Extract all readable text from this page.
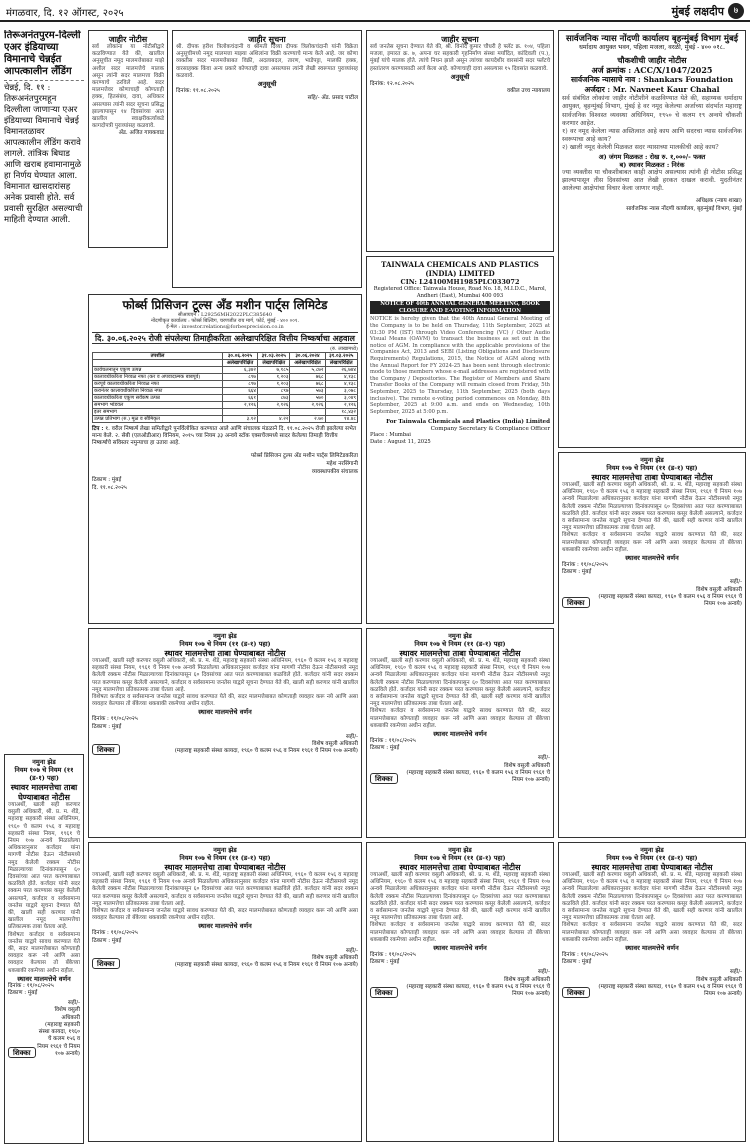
मंगळवार, दि. १२ ऑगस्ट, २०२५	मुंबई लक्षदीप	७
तिरूअनंतपुरम-दिल्ली एअर इंडियाच्या विमानाचे चेन्नईत आपत्कालीन लँडिंग
चेन्नई, दि. ११ : तिरूअनंतपुरमहून दिल्लीला जाणाऱ्या एअर इंडियाच्या विमानाचे चेन्नई विमानतळावर आपत्कालीन लँडिंग करावे लागले. तांत्रिक बिघाड आणि खराब हवामानामुळे हा निर्णय घेण्यात आला. विमानात खासदारांसह अनेक प्रवासी होते. सर्व प्रवासी सुरक्षित असल्याची माहिती देण्यात आली.
जाहीर नोटीस
सर्व लोकांना या नोटीसीद्वारे कळविण्यात येते की, खालील अनुसूचीत नमूद मालमत्तेबाबत माझे अशील सदर मालमत्तेचे मालक असून त्यांनी सदर मालमत्ता विक्री करण्याचे ठरविले आहे. सदर मालमत्तेवर कोणाचाही कोणताही हक्क, हितसंबंध, दावा, अधिकार असल्यास त्यांनी सदर सूचना प्रसिद्ध झाल्यापासून १४ दिवसांच्या आत खालील स्वाक्षरीकर्त्याकडे कागदोपत्री पुराव्यांसह कळवावे.
ॲड. अजित गायकवाड
जाहीर सूचना
श्री. दीपक हरीश त्रिलोकचंदानी व श्रीमती दिव्या दीपक त्रिलोकचंदानी यांनी विक्रेता अनुसूचीमध्ये नमूद मालमत्ता माझ्या अशिलांना विक्री करण्याचे मान्य केले आहे. जर कोणा व्यक्तीस सदर मालमत्तेबाबत विक्री, अदलाबदल, तारण, भाडेपट्टा, मालकी हक्क, वारसाहक्क किंवा अन्य प्रकारे कोणताही दावा असल्यास त्यांनी लेखी स्वरूपात पुराव्यांसह कळवावे.
अनुसूची
दिनांक: ११.०८.२०२५
सहि/- ॲड. प्रसाद पाटील
फोर्ब्स प्रिसिजन टूल्स अँड मशीन पार्ट्स लिमिटेड
सीआयएन : L29256MH2022PLC385640
नोंदणीकृत कार्यालय : फोर्ब्स बिल्डिंग, चरणजीत राय मार्ग, फोर्ट, मुंबई - ४०० ००१.
ई-मेल : investor.relations@forbesprecision.co.in
दि. ३०.०६.२०२५ रोजी संपलेल्या तिमाहीकरिता अलेखापरिक्षित वित्तीय निष्कर्षाचा अहवाल
(रु. लाखामध्ये)
तपशील	३०.०६.२०२५	३१.०३.२०२५	३०.०६.२०२४	३१.०३.२०२५
	अलेखापरिक्षित	लेखापरिक्षित	अलेखापरिक्षित	लेखापरिक्षित
कार्यचलनातून एकूण उत्पन्न	६,३४२	७,१८५	५,८७२	२६,७४४
कालावधीकरिता निव्वळ नफा (कर व अपवादात्मक बाबपूर्व)	८९७	१,२०३	७६८	४,१३८
करपूर्व कालावधीकरिता निव्वळ नफा	८९७	१,२०३	७६८	४,१३८
करानंतर कालावधीकरिता निव्वळ नफा	६६४	८९७	५७३	३,०७८
कालावधीकरिता एकूण सर्वंकष उत्पन्न	६६१	८७३	५७०	३,०४९
समभाग भांडवल	२,१२६	२,१२६	२,१२६	२,१२६
इतर समभाग				१८,४३२
उत्पन्न प्रतिभाग (रु.) मूळ व सौमिकृत	३.१२	४.२२	२.७०	१४.४८
टिप : १. वरील निष्कर्ष लेखा समितीद्वारे पुनर्विलोकित करण्यात आले आणि संचालक मंडळाने दि. ११.०८.२०२५ रोजी झालेल्या सभेत मान्य केले. २. सेबी (एलओडीआर) विनियम, २०१५ च्या नियम ३३ अन्वये स्टॉक एक्सचेंजमध्ये सादर केलेल्या तिमाही वित्तीय निष्कर्षाचे सविस्तर नमुन्याचा हा उतारा आहे.
फोर्ब्स प्रिसिजन टूल्स अँड मशीन पार्ट्स लिमिटेडकरिता
महेश नरसिंगानी
व्यवस्थापकीय संचालक
ठिकाण : मुंबई
दि. ११.०८.२०२५
जाहीर सूचना
सर्व जनतेस सूचना देण्यात येते की, श्री. विनोद कुमार चौधरी हे फ्लॅट क्र. १०४, पहिला मजला, इमारत क्र. ७, अपना घर सहकारी गृहनिर्माण संस्था मर्यादित, कांदिवली (प.), मुंबई यांचे मालक होते. त्यांचे निधन झाले असून त्यांच्या कायदेशीर वारसांनी सदर फ्लॅटचे हस्तांतरण करण्यासाठी अर्ज केला आहे. कोणाचाही दावा असल्यास १५ दिवसांत कळवावे.
अनुसूची
दिनांक: १२.०८.२०२५
वकील उच्च न्यायालय
TAINWALA CHEMICALS AND PLASTICS (INDIA) LIMITED
CIN: L24100MH1985PLC033072
Registered Office: Tainwala House, Road No. 18, M.I.D.C., Marol, Andheri (East), Mumbai 400 093
NOTICE OF 40th ANNUAL GENERAL MEETING, BOOK CLOSURE AND E-VOTING INFORMATION
NOTICE is hereby given that the 40th Annual General Meeting of the Company is to be held on Thursday, 11th September, 2025 at 03:30 PM (IST) through Video Conferencing (VC) / Other Audio Visual Means (OAVM) to transact the business as set out in the notice of AGM. In compliance with the applicable provisions of the Companies Act, 2013 and SEBI (Listing Obligations and Disclosure Requirements) Regulations, 2015, the Notice of AGM along with the Annual Report for FY 2024-25 has been sent through electronic mode to those members whose e-mail addresses are registered with the Company / Depositories. The Register of Members and Share Transfer Books of the Company will remain closed from Friday, 5th September, 2025 to Thursday, 11th September, 2025 (both days inclusive). The remote e-voting period commences on Monday, 8th September, 2025 at 9:00 a.m. and ends on Wednesday, 10th September, 2025 at 5:00 p.m.
For Tainwala Chemicals and Plastics (India) Limited
Company Secretary & Compliance Officer
Place : Mumbai
Date : August 11, 2025
सार्वजनिक न्यास नोंदणी कार्यालय बृहन्मुंबई विभाग मुंबई
धर्मादाय आयुक्त भवन, पहिला मजला, वरळी, मुंबई - ४०० ०१८.
चौकशीची जाहीर नोटीस
अर्ज क्रमांक : ACC/X/1047/2025
सार्वजनिक न्यासाचे नाव : Shankars Foundation
अर्जदार : Mr. Navneet Kaur Chahal
सर्व संबंधित लोकांना जाहीर नोटीशीने कळविण्यात येते की, सहाय्यक धर्मादाय आयुक्त, बृहन्मुंबई विभाग, मुंबई हे वर नमूद केलेल्या अर्जाच्या संदर्भात महाराष्ट्र सार्वजनिक विश्वस्त व्यवस्था अधिनियम, १९५० चे कलम १९ अन्वये चौकशी करणार आहेत.
१) वर नमूद केलेला न्यास अस्तित्वात आहे काय आणि सदरचा न्यास सार्वजनिक स्वरूपाचा आहे काय?
२) खाली नमूद केलेली मिळकत सदर न्यासाच्या मालकीची आहे काय?
अ) जंगम मिळकत : रोख रु. १,०००/- फक्त
ब) स्थावर मिळकत : निरंक
ज्या व्यक्तीस या चौकशीबाबत काही आक्षेप असल्यास त्यांनी ही नोटीस प्रसिद्ध झाल्यापासून तीस दिवसांच्या आत लेखी हरकत दाखल करावी. मुदतीनंतर आलेल्या आक्षेपांचा विचार केला जाणार नाही.
अधिक्षक (न्याय शाखा)
सार्वजनिक न्यास नोंदणी कार्यालय, बृहन्मुंबई विभाग, मुंबई
नमुना झेड
नियम १०७ चे नियम (११ (ड-१) पहा)
स्थावर मालमत्तेचा ताबा घेण्याबाबत नोटीस
ज्याअर्थी, खाली सही करणार वसुली अधिकारी, श्री. प्र. म. शेंडे, महाराष्ट्र सहकारी संस्था अधिनियम, १९६० चे कलम १५६ व महाराष्ट्र सहकारी संस्था नियम, १९६१ चे नियम १०७ अन्वये मिळालेल्या अधिकारानुसार कर्जदार यांना मागणी नोटीस देऊन नोटीसमध्ये नमूद केलेली रक्कम नोटीस मिळाल्याच्या दिनांकापासून ६० दिवसांच्या आत परत करण्याबाबत कळविले होते. कर्जदार यांनी सदर रक्कम परत करण्यास कसूर केलेली असल्याने, कर्जदार व सर्वसामान्य जनतेस याद्वारे सूचना देण्यात येते की, खाली सही करणार यांनी खालील नमूद मालमत्तेचा प्रतिकात्मक ताबा घेतला आहे.
विशेषतः कर्जदार व सर्वसामान्य जनतेस याद्वारे सावध करण्यात येते की, सदर मालमत्तेबाबत कोणताही व्यवहार करू नये आणि असा व्यवहार केल्यास तो बँकेच्या थकबाकी रकमेच्या अधीन राहील.
स्थावर मालमत्तेचे वर्णन
दिनांक : ११/०८/२०२५
ठिकाण : मुंबई
शिक्का
सही/-
विशेष वसुली अधिकारी
(महाराष्ट्र सहकारी संस्था कायदा, १९६० चे कलम १५६ व नियम १९६१ चे नियम १०७ अन्वये)
नमुना झेड
नियम १०७ चे नियम (११ (ड-१) पहा)
स्थावर मालमत्तेचा ताबा घेण्याबाबत नोटीस
ज्याअर्थी, खाली सही करणार वसुली अधिकारी, श्री. प्र. म. शेंडे, महाराष्ट्र सहकारी संस्था अधिनियम, १९६० चे कलम १५६ व महाराष्ट्र सहकारी संस्था नियम, १९६१ चे नियम १०७ अन्वये मिळालेल्या अधिकारानुसार कर्जदार यांना मागणी नोटीस देऊन नोटीसमध्ये नमूद केलेली रक्कम नोटीस मिळाल्याच्या दिनांकापासून ६० दिवसांच्या आत परत करण्याबाबत कळविले होते. कर्जदार यांनी सदर रक्कम परत करण्यास कसूर केलेली असल्याने, कर्जदार व सर्वसामान्य जनतेस याद्वारे सूचना देण्यात येते की, खाली सही करणार यांनी खालील नमूद मालमत्तेचा प्रतिकात्मक ताबा घेतला आहे.
विशेषतः कर्जदार व सर्वसामान्य जनतेस याद्वारे सावध करण्यात येते की, सदर मालमत्तेबाबत कोणताही व्यवहार करू नये आणि असा व्यवहार केल्यास तो बँकेच्या थकबाकी रकमेच्या अधीन राहील.
स्थावर मालमत्तेचे वर्णन
दिनांक : ११/०८/२०२५
ठिकाण : मुंबई
शिक्का
सही/-
विशेष वसुली अधिकारी
(महाराष्ट्र सहकारी संस्था कायदा, १९६० चे कलम १५६ व नियम १९६१ चे नियम १०७ अन्वये)
नमुना झेड
नियम १०७ चे नियम (११ (ड-१) पहा)
स्थावर मालमत्तेचा ताबा घेण्याबाबत नोटीस
ज्याअर्थी, खाली सही करणार वसुली अधिकारी, श्री. प्र. म. शेंडे, महाराष्ट्र सहकारी संस्था अधिनियम, १९६० चे कलम १५६ व महाराष्ट्र सहकारी संस्था नियम, १९६१ चे नियम १०७ अन्वये मिळालेल्या अधिकारानुसार कर्जदार यांना मागणी नोटीस देऊन नोटीसमध्ये नमूद केलेली रक्कम नोटीस मिळाल्याच्या दिनांकापासून ६० दिवसांच्या आत परत करण्याबाबत कळविले होते. कर्जदार यांनी सदर रक्कम परत करण्यास कसूर केलेली असल्याने, कर्जदार व सर्वसामान्य जनतेस याद्वारे सूचना देण्यात येते की, खाली सही करणार यांनी खालील नमूद मालमत्तेचा प्रतिकात्मक ताबा घेतला आहे.
विशेषतः कर्जदार व सर्वसामान्य जनतेस याद्वारे सावध करण्यात येते की, सदर मालमत्तेबाबत कोणताही व्यवहार करू नये आणि असा व्यवहार केल्यास तो बँकेच्या थकबाकी रकमेच्या अधीन राहील.
स्थावर मालमत्तेचे वर्णन
दिनांक : ११/०८/२०२५
ठिकाण : मुंबई
शिक्का
सही/-
विशेष वसुली अधिकारी
(महाराष्ट्र सहकारी संस्था कायदा, १९६० चे कलम १५६ व नियम १९६१ चे नियम १०७ अन्वये)
नमुना झेड
नियम १०७ चे नियम (११ (ड-१) पहा)
स्थावर मालमत्तेचा ताबा घेण्याबाबत नोटीस
ज्याअर्थी, खाली सही करणार वसुली अधिकारी, श्री. प्र. म. शेंडे, महाराष्ट्र सहकारी संस्था अधिनियम, १९६० चे कलम १५६ व महाराष्ट्र सहकारी संस्था नियम, १९६१ चे नियम १०७ अन्वये मिळालेल्या अधिकारानुसार कर्जदार यांना मागणी नोटीस देऊन नोटीसमध्ये नमूद केलेली रक्कम नोटीस मिळाल्याच्या दिनांकापासून ६० दिवसांच्या आत परत करण्याबाबत कळविले होते. कर्जदार यांनी सदर रक्कम परत करण्यास कसूर केलेली असल्याने, कर्जदार व सर्वसामान्य जनतेस याद्वारे सूचना देण्यात येते की, खाली सही करणार यांनी खालील नमूद मालमत्तेचा प्रतिकात्मक ताबा घेतला आहे.
विशेषतः कर्जदार व सर्वसामान्य जनतेस याद्वारे सावध करण्यात येते की, सदर मालमत्तेबाबत कोणताही व्यवहार करू नये आणि असा व्यवहार केल्यास तो बँकेच्या थकबाकी रकमेच्या अधीन राहील.
स्थावर मालमत्तेचे वर्णन
दिनांक : ११/०८/२०२५
ठिकाण : मुंबई
शिक्का
सही/-
विशेष वसुली अधिकारी
(महाराष्ट्र सहकारी संस्था कायदा, १९६० चे कलम १५६ व नियम १९६१ चे नियम १०७ अन्वये)
नमुना झेड
नियम १०७ चे नियम (११ (ड-१) पहा)
स्थावर मालमत्तेचा ताबा घेण्याबाबत नोटीस
ज्याअर्थी, खाली सही करणार वसुली अधिकारी, श्री. प्र. म. शेंडे, महाराष्ट्र सहकारी संस्था अधिनियम, १९६० चे कलम १५६ व महाराष्ट्र सहकारी संस्था नियम, १९६१ चे नियम १०७ अन्वये मिळालेल्या अधिकारानुसार कर्जदार यांना मागणी नोटीस देऊन नोटीसमध्ये नमूद केलेली रक्कम नोटीस मिळाल्याच्या दिनांकापासून ६० दिवसांच्या आत परत करण्याबाबत कळविले होते. कर्जदार यांनी सदर रक्कम परत करण्यास कसूर केलेली असल्याने, कर्जदार व सर्वसामान्य जनतेस याद्वारे सूचना देण्यात येते की, खाली सही करणार यांनी खालील नमूद मालमत्तेचा प्रतिकात्मक ताबा घेतला आहे.
विशेषतः कर्जदार व सर्वसामान्य जनतेस याद्वारे सावध करण्यात येते की, सदर मालमत्तेबाबत कोणताही व्यवहार करू नये आणि असा व्यवहार केल्यास तो बँकेच्या थकबाकी रकमेच्या अधीन राहील.
स्थावर मालमत्तेचे वर्णन
दिनांक : ११/०८/२०२५
ठिकाण : मुंबई
शिक्का
सही/-
विशेष वसुली अधिकारी
(महाराष्ट्र सहकारी संस्था कायदा, १९६० चे कलम १५६ व नियम १९६१ चे नियम १०७ अन्वये)
नमुना झेड
नियम १०७ चे नियम (११ (ड-१) पहा)
स्थावर मालमत्तेचा ताबा घेण्याबाबत नोटीस
ज्याअर्थी, खाली सही करणार वसुली अधिकारी, श्री. प्र. म. शेंडे, महाराष्ट्र सहकारी संस्था अधिनियम, १९६० चे कलम १५६ व महाराष्ट्र सहकारी संस्था नियम, १९६१ चे नियम १०७ अन्वये मिळालेल्या अधिकारानुसार कर्जदार यांना मागणी नोटीस देऊन नोटीसमध्ये नमूद केलेली रक्कम नोटीस मिळाल्याच्या दिनांकापासून ६० दिवसांच्या आत परत करण्याबाबत कळविले होते. कर्जदार यांनी सदर रक्कम परत करण्यास कसूर केलेली असल्याने, कर्जदार व सर्वसामान्य जनतेस याद्वारे सूचना देण्यात येते की, खाली सही करणार यांनी खालील नमूद मालमत्तेचा प्रतिकात्मक ताबा घेतला आहे.
विशेषतः कर्जदार व सर्वसामान्य जनतेस याद्वारे सावध करण्यात येते की, सदर मालमत्तेबाबत कोणताही व्यवहार करू नये आणि असा व्यवहार केल्यास तो बँकेच्या थकबाकी रकमेच्या अधीन राहील.
स्थावर मालमत्तेचे वर्णन
दिनांक : ११/०८/२०२५
ठिकाण : मुंबई
शिक्का
सही/-
विशेष वसुली अधिकारी
(महाराष्ट्र सहकारी संस्था कायदा, १९६० चे कलम १५६ व नियम १९६१ चे नियम १०७ अन्वये)
नमुना झेड
नियम १०७ चे नियम (११ (ड-१) पहा)
स्थावर मालमत्तेचा ताबा घेण्याबाबत नोटीस
ज्याअर्थी, खाली सही करणार वसुली अधिकारी, श्री. प्र. म. शेंडे, महाराष्ट्र सहकारी संस्था अधिनियम, १९६० चे कलम १५६ व महाराष्ट्र सहकारी संस्था नियम, १९६१ चे नियम १०७ अन्वये मिळालेल्या अधिकारानुसार कर्जदार यांना मागणी नोटीस देऊन नोटीसमध्ये नमूद केलेली रक्कम नोटीस मिळाल्याच्या दिनांकापासून ६० दिवसांच्या आत परत करण्याबाबत कळविले होते. कर्जदार यांनी सदर रक्कम परत करण्यास कसूर केलेली असल्याने, कर्जदार व सर्वसामान्य जनतेस याद्वारे सूचना देण्यात येते की, खाली सही करणार यांनी खालील नमूद मालमत्तेचा प्रतिकात्मक ताबा घेतला आहे.
विशेषतः कर्जदार व सर्वसामान्य जनतेस याद्वारे सावध करण्यात येते की, सदर मालमत्तेबाबत कोणताही व्यवहार करू नये आणि असा व्यवहार केल्यास तो बँकेच्या थकबाकी रकमेच्या अधीन राहील.
स्थावर मालमत्तेचे वर्णन
दिनांक : ११/०८/२०२५
ठिकाण : मुंबई
शिक्का
सही/-
विशेष वसुली अधिकारी
(महाराष्ट्र सहकारी संस्था कायदा, १९६० चे कलम १५६ व नियम १९६१ चे नियम १०७ अन्वये)
